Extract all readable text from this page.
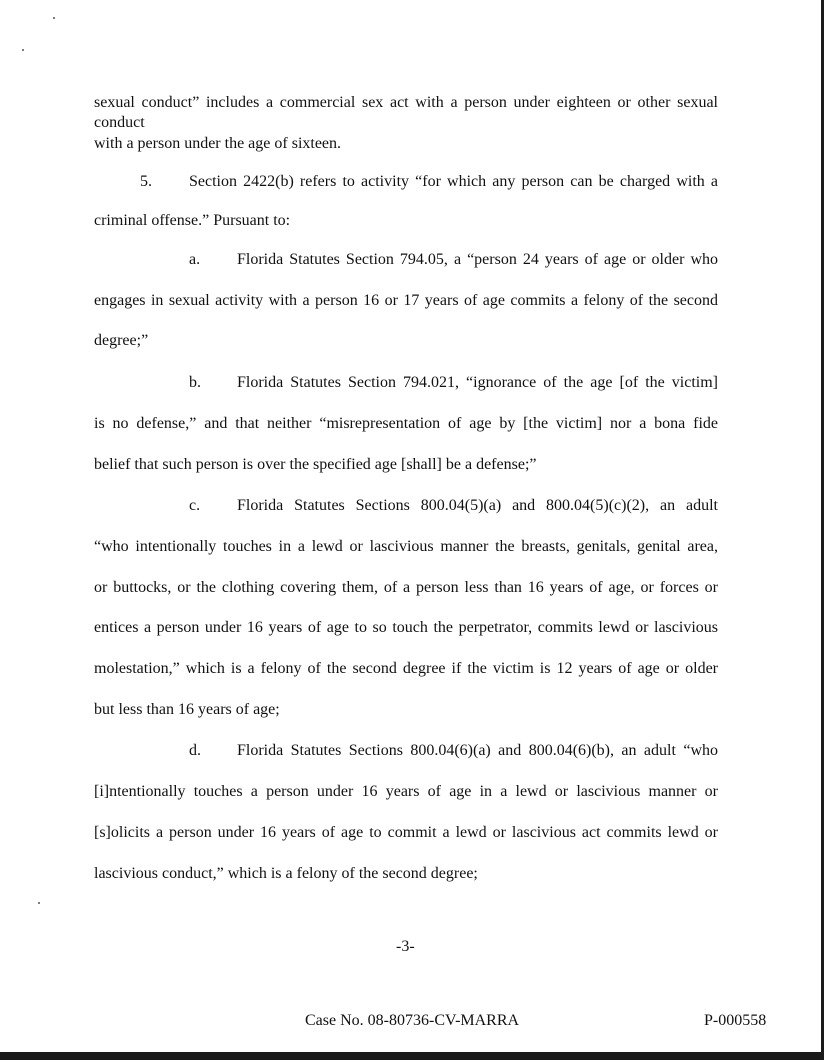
sexual conduct” includes a commercial sex act with a person under eighteen or other sexual conduct
with a person under the age of sixteen.
5. Section 2422(b) refers to activity “for which any person can be charged with a
criminal offense.” Pursuant to:
a. Florida Statutes Section 794.05, a “person 24 years of age or older who
engages in sexual activity with a person 16 or 17 years of age commits a felony of the second
degree;”
b. Florida Statutes Section 794.021, “ignorance of the age [of the victim]
is no defense,” and that neither “misrepresentation of age by [the victim] nor a bona fide
belief that such person is over the specified age [shall] be a defense;”
c. Florida Statutes Sections 800.04(5)(a) and 800.04(5)(c)(2), an adult
“who intentionally touches in a lewd or lascivious manner the breasts, genitals, genital area,
or buttocks, or the clothing covering them, of a person less than 16 years of age, or forces or
entices a person under 16 years of age to so touch the perpetrator, commits lewd or lascivious
molestation,” which is a felony of the second degree if the victim is 12 years of age or older
but less than 16 years of age;
d. Florida Statutes Sections 800.04(6)(a) and 800.04(6)(b), an adult “who
[i]ntentionally touches a person under 16 years of age in a lewd or lascivious manner or
[s]olicits a person under 16 years of age to commit a lewd or lascivious act commits lewd or
lascivious conduct,” which is a felony of the second degree;
-3-
Case No. 08-80736-CV-MARRA	P-000558
